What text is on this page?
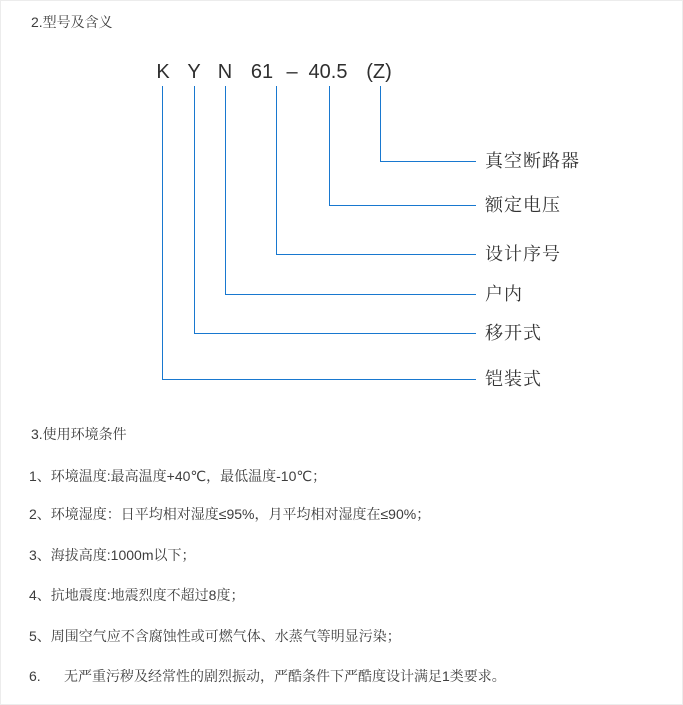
2.型号及含义
K Y N 61 – 40.5 (Z)
真空断路器
额定电压
设计序号
户内
移开式
铠装式
3.使用环境条件
1、环境温度:最高温度+40℃，最低温度-10℃；
2、环境湿度：日平均相对湿度≤95%，月平均相对湿度在≤90%；
3、海拔高度:1000m以下；
4、抗地震度:地震烈度不超过8度；
5、周围空气应不含腐蚀性或可燃气体、水蒸气等明显污染；
6.      无严重污秽及经常性的剧烈振动，严酷条件下严酷度设计满足1类要求。
